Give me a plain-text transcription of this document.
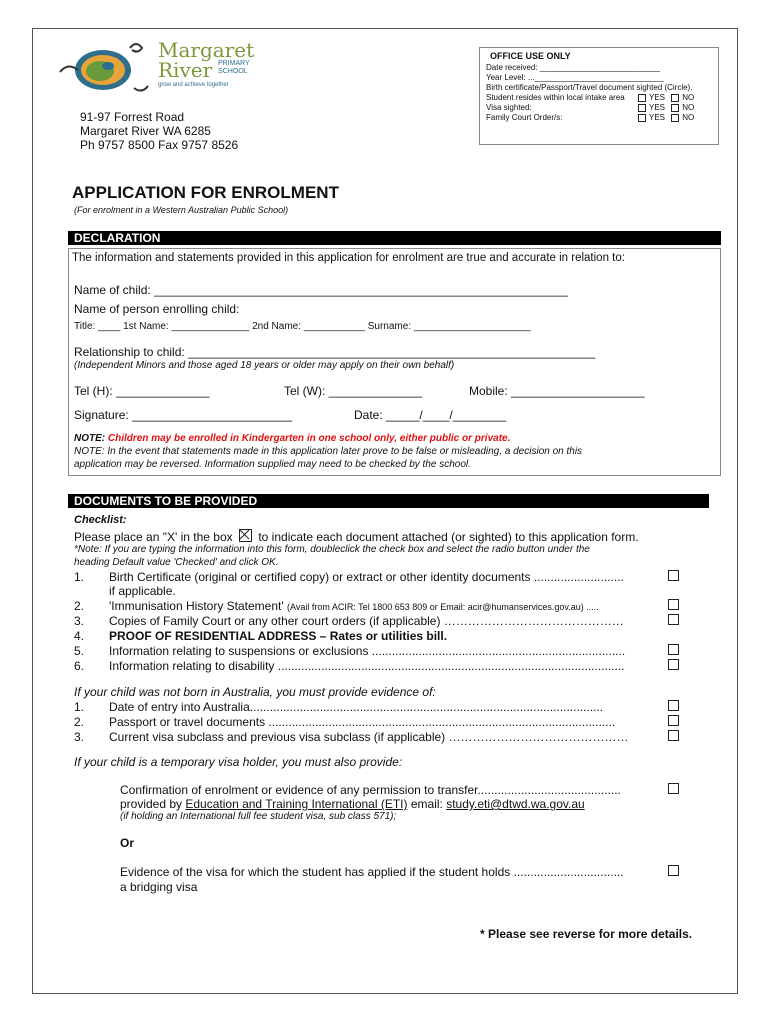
Margaret
River PRIMARY
SCHOOL
grow and achieve together
91-97 Forrest Road
Margaret River WA 6285
Ph 9757 8500 Fax 9757 8526
OFFICE USE ONLY
Date received: ___________________________
Year Level: ..._____________________________
Birth certificate/Passport/Travel document sighted (Circle).
Student resides within local intake area	YES NO
Visa sighted:	YES NO
Family Court Order/s:	YES NO
APPLICATION FOR ENROLMENT
(For enrolment in a Western Australian Public School)
DECLARATION
The information and statements provided in this application for enrolment are true and accurate in relation to:
Name of child: ______________________________________________________________
Name of person enrolling child:
Title: ____ 1st Name: ______________ 2nd Name: ___________ Surname: _____________________
Relationship to child: _____________________________________________________________
(Independent Minors and those aged 18 years or older may apply on their own behalf)
Tel (H): ______________	Tel (W): ______________	Mobile: ____________________
Signature: ________________________	Date: _____/____/________
NOTE: Children may be enrolled in Kindergarten in one school only, either public or private.
NOTE: In the event that statements made in this application later prove to be false or misleading, a decision on this
application may be reversed. Information supplied may need to be checked by the school.
DOCUMENTS TO BE PROVIDED
Checklist:
Please place an "X' in the box to indicate each document attached (or sighted) to this application form.
*Note: If you are typing the information into this form, doubleclick the check box and select the radio button under the
heading Default value 'Checked' and click OK.
1. Birth Certificate (original or certified copy) or extract or other identity documents ...........................
if applicable.
2. 'Immunisation History Statement' (Avail from ACIR: Tel 1800 653 809 or Email: acir@humanservices.gov.au) .....
3. Copies of Family Court or any other court orders (if applicable) ………………………………………
4. PROOF OF RESIDENTIAL ADDRESS – Rates or utilities bill.
5. Information relating to suspensions or exclusions ............................................................................
6. Information relating to disability ........................................................................................................
If your child was not born in Australia, you must provide evidence of:
1. Date of entry into Australia..........................................................................................................
2. Passport or travel documents ........................................................................................................
3. Current visa subclass and previous visa subclass (if applicable) ………………………………………
If your child is a temporary visa holder, you must also provide:
Confirmation of enrolment or evidence of any permission to transfer...........................................
provided by Education and Training International (ETI) email: study.eti@dtwd.wa.gov.au
(if holding an International full fee student visa, sub class 571);
Or
Evidence of the visa for which the student has applied if the student holds .................................
a bridging visa
* Please see reverse for more details.
